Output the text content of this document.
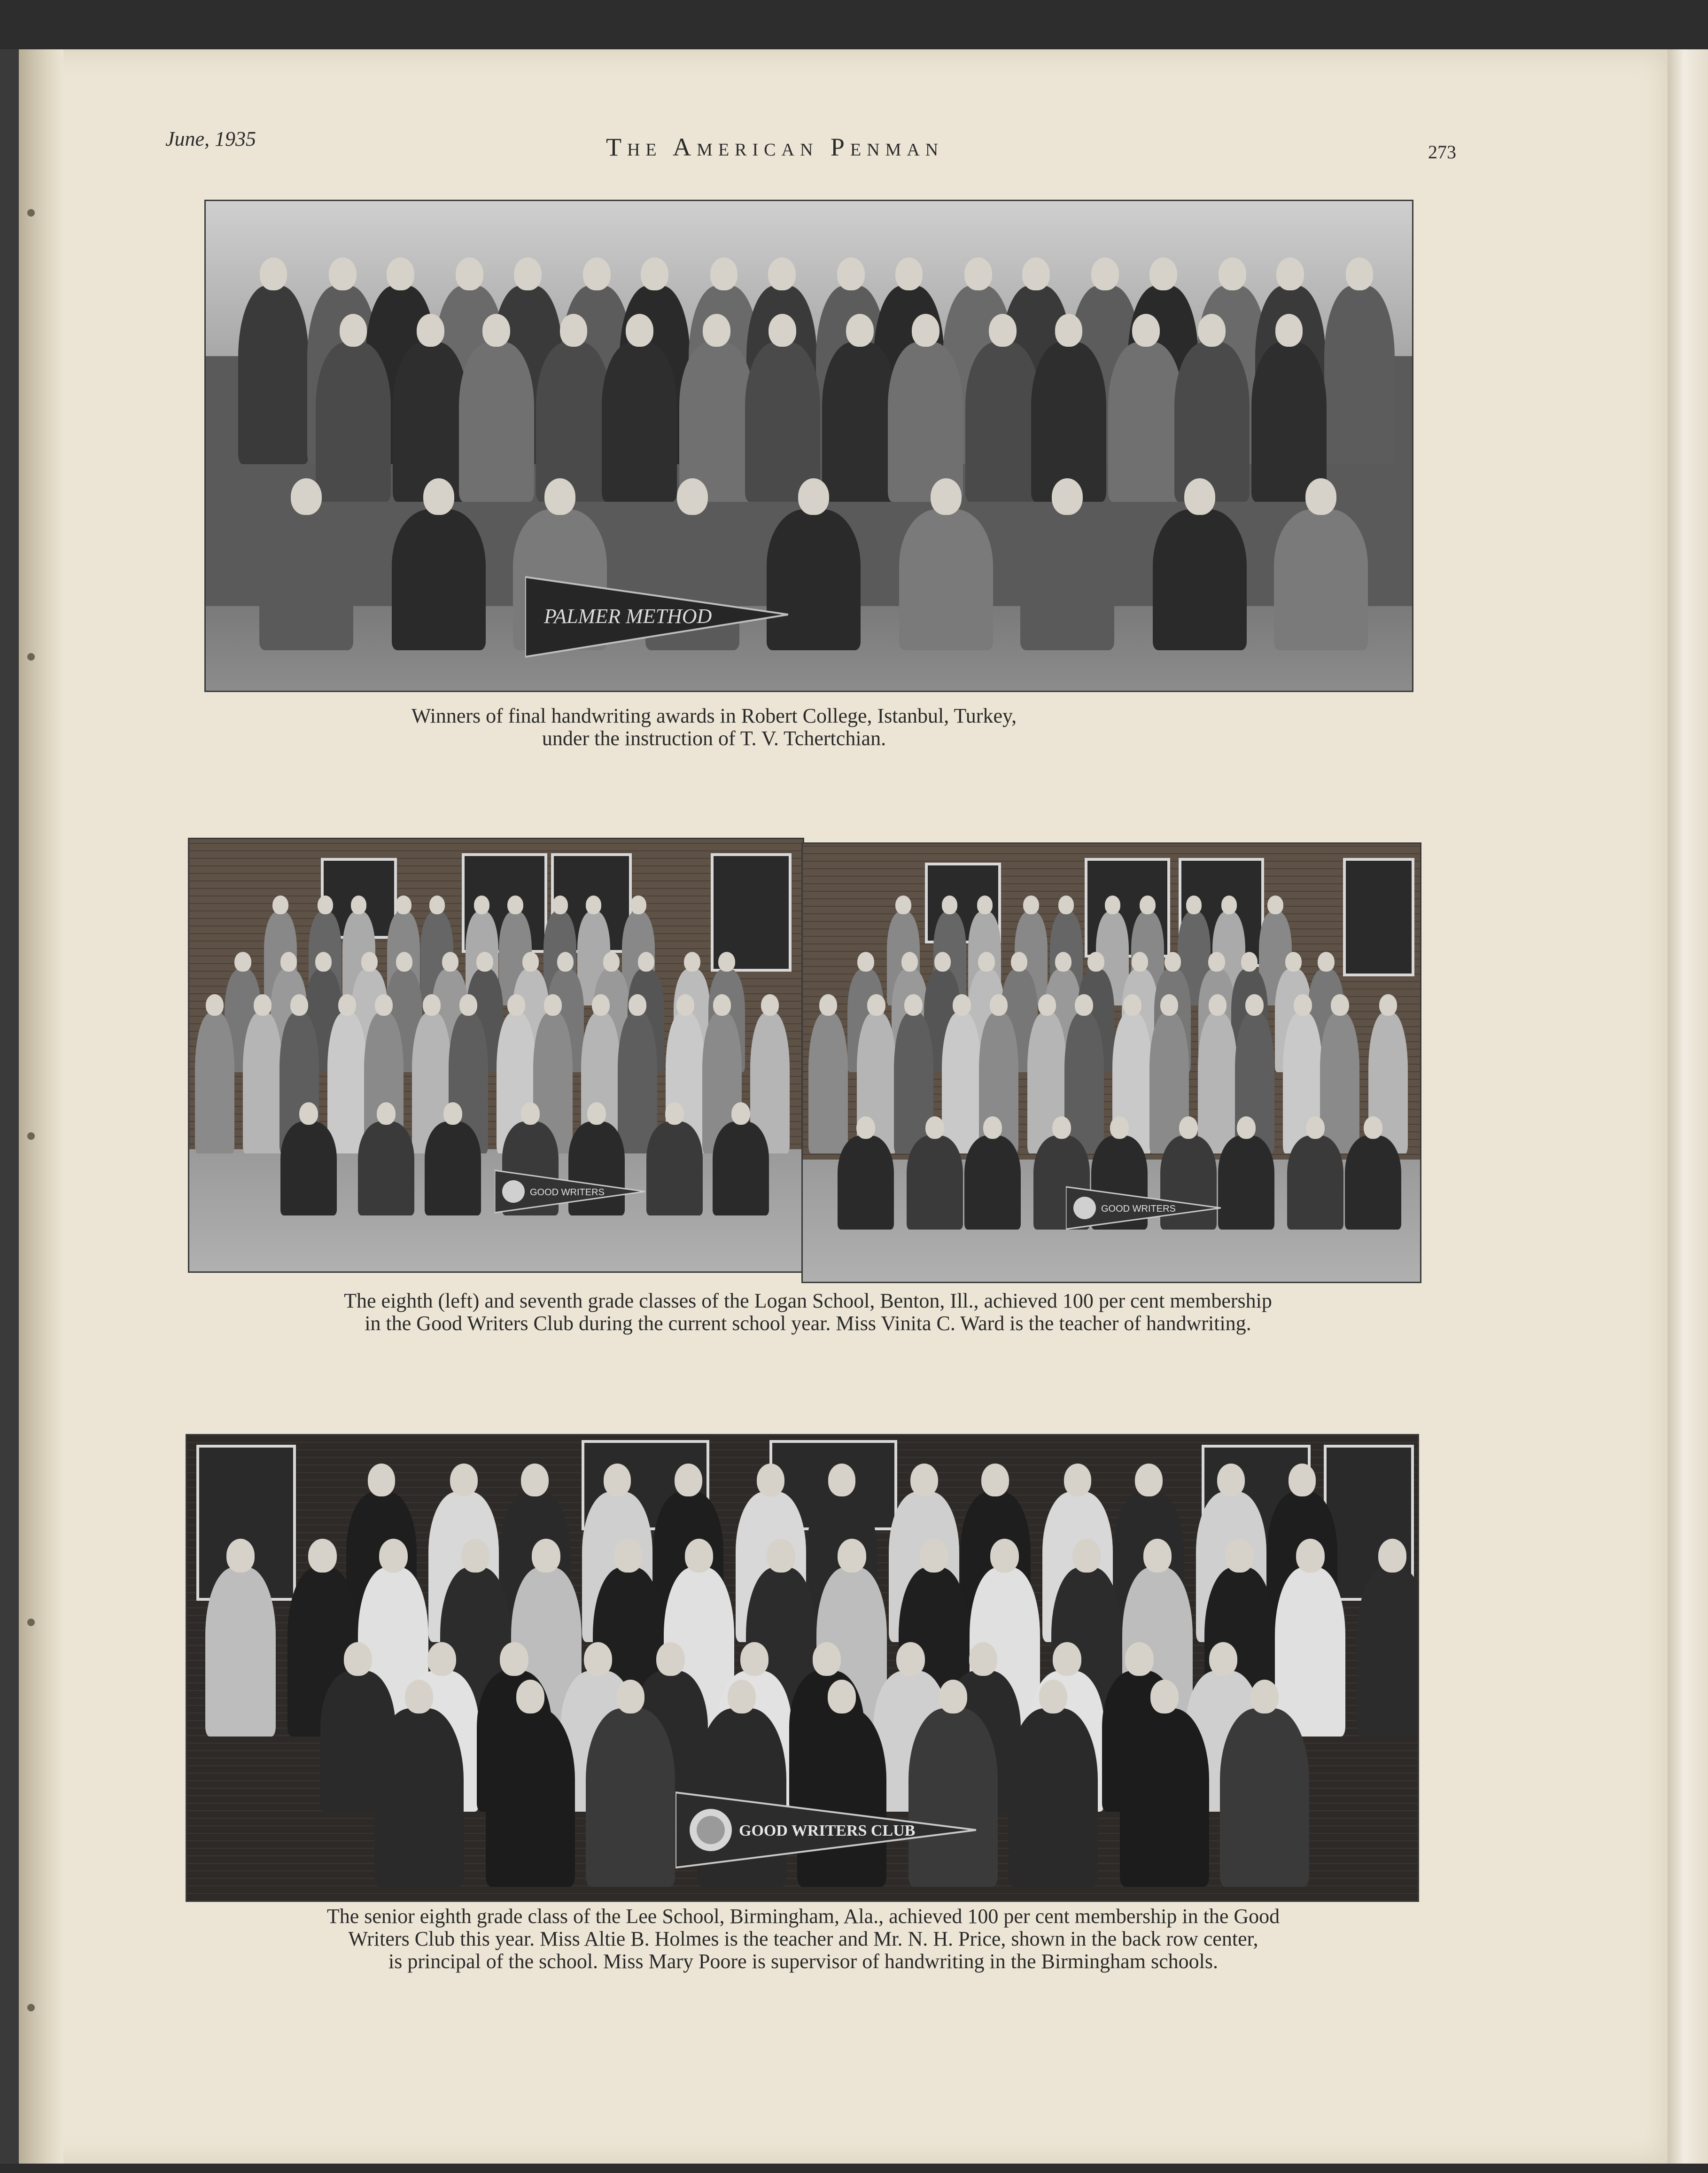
June, 1935	The American Penman	273
PALMER METHOD
Winners of final handwriting awards in Robert College, Istanbul, Turkey,
under the instruction of T. V. Tchertchian.
GOOD WRITERS
GOOD WRITERS
The eighth (left) and seventh grade classes of the Logan School, Benton, Ill., achieved 100 per cent membership
in the Good Writers Club during the current school year. Miss Vinita C. Ward is the teacher of handwriting.
GOOD WRITERS CLUB
The senior eighth grade class of the Lee School, Birmingham, Ala., achieved 100 per cent membership in the Good
Writers Club this year. Miss Altie B. Holmes is the teacher and Mr. N. H. Price, shown in the back row center,
is principal of the school. Miss Mary Poore is supervisor of handwriting in the Birmingham schools.
